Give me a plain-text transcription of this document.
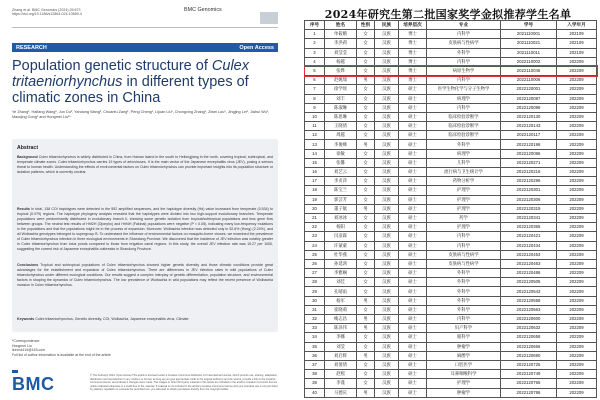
Zhang et al. BMC Genomics (2024) 25:673
https://doi.org/10.1186/s12864-024-10589-4
BMC Genomics
RESEARCH	Open Access
Population genetic structure of Culex tritaeniorhynchus in different types of climatic zones in China
Ye Zhang¹, Haifang Wang¹, Jun Du², Yandong Wang³, Chuanfu Zang¹, Peng Cheng¹, Lijuan Liu¹, Chongxing Zhang¹, Ziwei Lou¹, Jingjing Lei¹, Jiahui Wu¹, Maoqing Gong¹ and Hongmei Liu¹*
Abstract
Background Culex tritaeniorhynchus is widely distributed in China, from Hainan Island in the south to Heilongjiang in the north, covering tropical, subtropical, and temperate climate zones. Culex tritaeniorhynchus carries 19 types of arboviruses. It is the main vector of the Japanese encephalitis virus (JEV), posing a serious threat to human health. Understanding the effects of environmental factors on Culex tritaeniorhynchus can provide important insights into its population structure or isolation patterns, which is currently unclear.
Results In total, 138 COI haplotypes were detected in the 552 amplified sequences, and the haplotype diversity (Hd) value increased from temperate (0.534) to tropical (0.979) regions. The haplotype phylogeny analysis revealed that the haplotypes were divided into two high-support evolutionary branches. Temperate populations were predominantly distributed in evolutionary branch II, showing some genetic isolation from tropical/subtropical populations and less gene flow between groups. The neutral test results of Hhf2H (Ojonyho) and Hhf4H (Fakinai) populations were negative (P < 0.05), indicating many low-frequency mutations in the populations and that the populations might be in the process of expansion. Moreover, Wolbachia infection was detected only in 52.6% (Hong) (2.24%), and all Wolbachia genotypes belonged to supergroup B. To understand the influence of environmental factors on mosquito-borne viruses, we examined the prevalence of Culex tritaeniorhynchus infection in three ecological environments in Shandong Province. We discovered that the incidence of JEV infection was notably greater in Culex tritaeniorhynchus from lotus ponds compared to those from irrigation canal regions. In this study, the overall JEV infection rate was 15.27 per 1000, suggesting the current risk of Japanese encephalitis outbreaks in Shandong Province.
Conclusions Tropical and subtropical populations of Culex tritaeniorhynchus showed higher genetic diversity and those climatic conditions provide great advantages for the establishment and expansion of Culex tritaeniorhynchus. There are differences in JEV infection rates in wild populations of Culex tritaeniorhynchus under different ecological conditions. Our results suggest a complex interplay of genetic differentiation, population structure, and environmental factors in shaping the dynamics of Culex tritaeniorhynchus. The low prevalence of Wolbachia in wild populations may reflect the recent presence of Wolbachia invasion in Culex tritaeniorhynchus.
Keywords Culex tritaeniorhynchus, Genetic diversity, COI, Wolbachia, Japanese encephalitis virus, Climate
*Correspondence:
Hongmei Liu
liuhm4416@163.com
Full list of author information is available at the end of the article
BMC	© The Author(s) 2024. Open Access This article is licensed under a Creative Commons Attribution 4.0 International License, which permits use, sharing, adaptation, distribution and reproduction in any medium or format, as long as you give appropriate credit to the original author(s) and the source, provide a link to the Creative Commons licence, and indicate if changes were made. The images or other third party material in this article are included in the article's Creative Commons licence, unless indicated otherwise in a credit line to the material. If material is not included in the article's Creative Commons licence and your intended use is not permitted by statutory regulation or exceeds the permitted use, you will need to obtain permission directly from the copyright holder.
2024年研究生第二批国家奖学金拟推荐学生名单
序号	姓名	性别	民族	培养层次	专业	学号	入学年月
1	单筱娥	女	汉族	博士	内科学	2021110001	202109
2	李洪莉	女	汉族	博士	皮肤病与性病学	2021110021	202109
3	刘莹莹	女	汉族	博士	外科学	2021110011	202109
4	杨越	女	汉族	博士	内科学	2022110002	202209
5	张烨	女	汉族	博士	病原生物学	2022110046	202209
6	赵姚瑞	男	汉族	博士	内科学	2022110006	202209
7	徐学瑶	女	汉族	硕士	医学生物化学与分子生物学	2022120001	202209
8	刘丰	女	汉族	硕士	病理学	2022120087	202209
9	陈淑琳	女	汉族	硕士	内科学	2022120098	202209
10	陈思琳	女	汉族	硕士	临床检验诊断学	2022120130	202209
11	王晓倩	女	汉族	硕士	临床检验诊断学	2022120143	202209
12	周越	女	汉族	硕士	临床检验诊断学	2022120117	202209
13	李俊峰	男	汉族	硕士	外科学	2022120196	202209
14	徐敏	女	汉族	硕士	病理学	2022120096	202209
15	张馨	女	汉族	硕士	儿科学	2022120271	202209
16	刘艺云	女	汉族	硕士	流行病与卫生统计学	2022120216	202209
17	李贞萍	女	汉族	硕士	药物分析学	2022120296	202209
18	陈宝兰	女	汉族	硕士	护理学	2022120301	202209
19	郭芸芳	女	汉族	硕士	护理学	2022120306	202209
20	董子航	男	汉族	硕士	护理学	2022120319	202209
21	刘冰冰	女	汉族	硕士	药学	2022120341	202209
22	杨阳	女	汉族	硕士	护理学	2022120365	202209
23	闫彦霖	女	汉族	硕士	内科学	2022120421	202209
24	许蒙蒙	女	汉族	硕士	内科学	2022120434	202209
25	杜华燕	女	汉族	硕士	皮肤病与性病学	2022120453	202209
26	孙延鸿	女	汉族	硕士	皮肤病与性病学	2022120463	202209
27	李雅娴	女	汉族	硕士	外科学	2022120486	202209
28	刘佳	女	汉族	硕士	外科学	2022120505	202209
29	孔晴雨	女	汉族	硕士	外科学	2022120543	202209
30	杨军	男	汉族	硕士	外科学	2022120558	202209
31	崔晓萌	女	汉族	硕士	外科学	2022120563	202209
32	峻志昌	男	汉族	硕士	内科学	2022120600	202209
33	陈泽伟	男	汉族	硕士	妇产科学	2022120632	202209
34	李娜	女	汉族	硕士	眼科学	2022120658	202209
35	刘莹	女	汉族	硕士	肿瘤学	2022120666	202209
36	刘启辉	男	汉族	硕士	麻醉学	2022120690	202209
37	刘倩倩	女	汉族	硕士	口腔医学	2022120725	202209
38	赵熙	女	汉族	硕士	耳鼻咽喉科学	2022120749	202209
39	李谨	女	汉族	硕士	护理学	2022120765	202209
40	马德庆	男	汉族	硕士	肿瘤学	2022120786	202209
